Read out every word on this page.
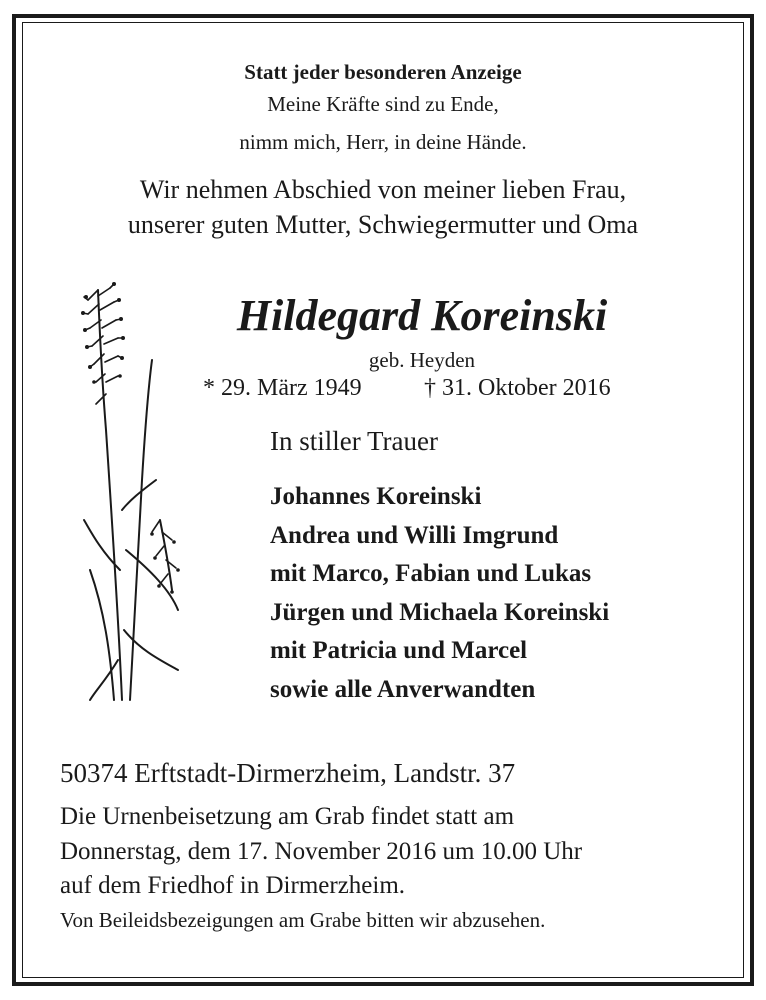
Statt jeder besonderen Anzeige
Meine Kräfte sind zu Ende,
nimm mich, Herr, in deine Hände.
Wir nehmen Abschied von meiner lieben Frau,
unserer guten Mutter, Schwiegermutter und Oma
Hildegard Koreinski
geb. Heyden
* 29. März 1949	† 31. Oktober 2016
In stiller Trauer
Johannes Koreinski
Andrea und Willi Imgrund
mit Marco, Fabian und Lukas
Jürgen und Michaela Koreinski
mit Patricia und Marcel
sowie alle Anverwandten
50374 Erftstadt-Dirmerzheim, Landstr. 37
Die Urnenbeisetzung am Grab findet statt am
Donnerstag, dem 17. November 2016 um 10.00 Uhr
auf dem Friedhof in Dirmerzheim.
Von Beileidsbezeigungen am Grabe bitten wir abzusehen.
